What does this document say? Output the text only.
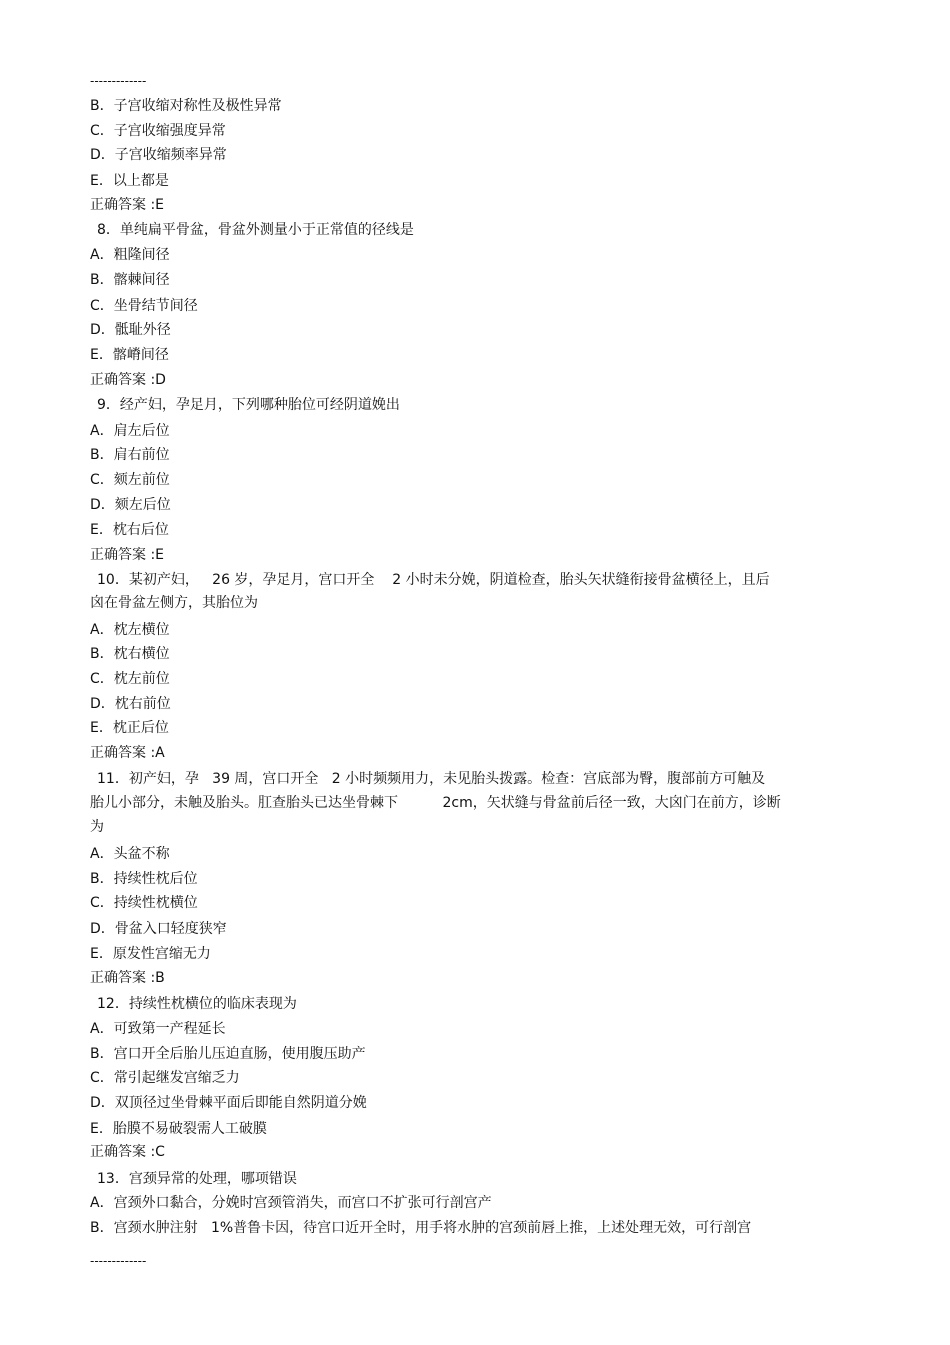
-------------
B．子宫收缩对称性及极性异常
C．子宫收缩强度异常
D．子宫收缩频率异常
E．以上都是
正确答案 :E
8．单纯扁平骨盆，骨盆外测量小于正常值的径线是
A．粗隆间径
B．髂棘间径
C．坐骨结节间径
D．骶耻外径
E．髂嵴间径
正确答案 :D
9．经产妇，孕足月，下列哪种胎位可经阴道娩出
A．肩左后位
B．肩右前位
C．颏左前位
D．颏左后位
E．枕右后位
正确答案 :E
10．某初产妇，   26 岁，孕足月，宫口开全    2 小时未分娩，阴道检查，胎头矢状缝衔接骨盆横径上，且后
囟在骨盆左侧方，其胎位为
A．枕左横位
B．枕右横位
C．枕左前位
D．枕右前位
E．枕正后位
正确答案 :A
11．初产妇，孕   39 周，宫口开全   2 小时频频用力，未见胎头拨露。检查：宫底部为臀，腹部前方可触及
胎儿小部分，未触及胎头。肛查胎头已达坐骨棘下          2cm，矢状缝与骨盆前后径一致，大囟门在前方，诊断
为
A．头盆不称
B．持续性枕后位
C．持续性枕横位
D．骨盆入口轻度狭窄
E．原发性宫缩无力
正确答案 :B
12．持续性枕横位的临床表现为
A．可致第一产程延长
B．宫口开全后胎儿压迫直肠，使用腹压助产
C．常引起继发宫缩乏力
D．双顶径过坐骨棘平面后即能自然阴道分娩
E．胎膜不易破裂需人工破膜
正确答案 :C
13．宫颈异常的处理，哪项错误
A．宫颈外口黏合，分娩时宫颈管消失，而宫口不扩张可行剖宫产
B．宫颈水肿注射   1%普鲁卡因，待宫口近开全时，用手将水肿的宫颈前唇上推，上述处理无效，可行剖宫
-------------
